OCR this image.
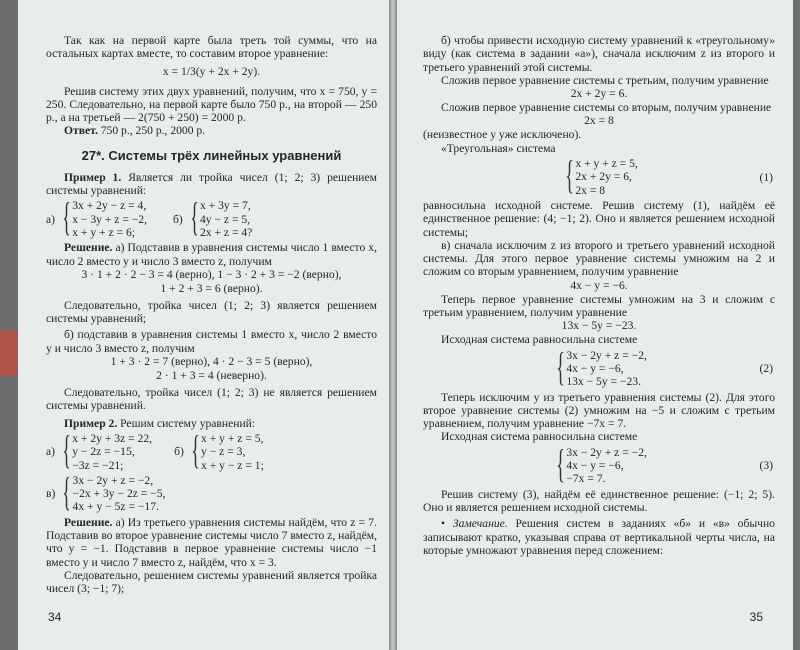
Так как на первой карте была треть той суммы, что на остальных картах вместе, то составим второе уравнение:

x = 1/3(y + 2x + 2y).

Решив систему этих двух уравнений, получим, что x = 750, y = 250. Следовательно, на первой карте было 750 р., на второй — 250 р., а на третьей — 2(750 + 250) = 2000 р.

Ответ. 750 р., 250 р., 2000 р.

27*. Системы трёх линейных уравнений

Пример 1. Является ли тройка чисел (1; 2; 3) решением системы уравнений:

а) { 3x + 2y − z = 4,
x − 3y + z = −2,
x + y + z = 6;
б) { x + 3y = 7,
4y − z = 5,
2x + z = 4?

Решение. а) Подставив в уравнения системы число 1 вместо x, число 2 вместо y и число 3 вместо z, получим

3 · 1 + 2 · 2 − 3 = 4 (верно), 1 − 3 · 2 + 3 = −2 (верно),
1 + 2 + 3 = 6 (верно).

Следовательно, тройка чисел (1; 2; 3) является решением системы уравнений;

б) подставив в уравнения системы 1 вместо x, число 2 вместо y и число 3 вместо z, получим

1 + 3 · 2 = 7 (верно), 4 · 2 − 3 = 5 (верно),
2 · 1 + 3 = 4 (неверно).

Следовательно, тройка чисел (1; 2; 3) не является решением системы уравнений.

Пример 2. Решим систему уравнений:

а) { x + 2y + 3z = 22,
y − 2z = −15,
−3z = −21;
б) { x + y + z = 5,
y − z = 3,
x + y − z = 1;
в) { 3x − 2y + z = −2,
−2x + 3y − 2z = −5,
4x + y − 5z = −17.

Решение. а) Из третьего уравнения системы найдём, что z = 7. Подставив во второе уравнение системы число 7 вместо z, найдём, что y = −1. Подставив в первое уравнение системы число −1 вместо y и число 7 вместо z, найдём, что x = 3.

Следовательно, решением системы уравнений является тройка чисел (3; −1; 7);

34

б) чтобы привести исходную систему уравнений к «треугольному» виду (как система в задании «а»), сначала исключим z из второго и третьего уравнений этой системы.

Сложив первое уравнение системы с третьим, получим уравнение

2x + 2y = 6.

Сложив первое уравнение системы со вторым, получим уравнение

2x = 8

(неизвестное y уже исключено).

«Треугольная» система

{ x + y + z = 5,
2x + 2y = 6,
2x = 8
(1)

равносильна исходной системе. Решив систему (1), найдём её единственное решение: (4; −1; 2). Оно и является решением исходной системы;

в) сначала исключим z из второго и третьего уравнений исходной системы. Для этого первое уравнение системы умножим на 2 и сложим со вторым уравнением, получим уравнение

4x − y = −6.

Теперь первое уравнение системы умножим на 3 и сложим с третьим уравнением, получим уравнение

13x − 5y = −23.

Исходная система равносильна системе

{ 3x − 2y + z = −2,
4x − y = −6,
13x − 5y = −23.
(2)

Теперь исключим y из третьего уравнения системы (2). Для этого второе уравнение системы (2) умножим на −5 и сложим с третьим уравнением, получим уравнение −7x = 7.

Исходная система равносильна системе

{ 3x − 2y + z = −2,
4x − y = −6,
−7x = 7.
(3)

Решив систему (3), найдём её единственное решение: (−1; 2; 5). Оно и является решением исходной системы.

• Замечание. Решения систем в заданиях «б» и «в» обычно записывают кратко, указывая справа от вертикальной черты числа, на которые умножают уравнения перед сложением:

35
